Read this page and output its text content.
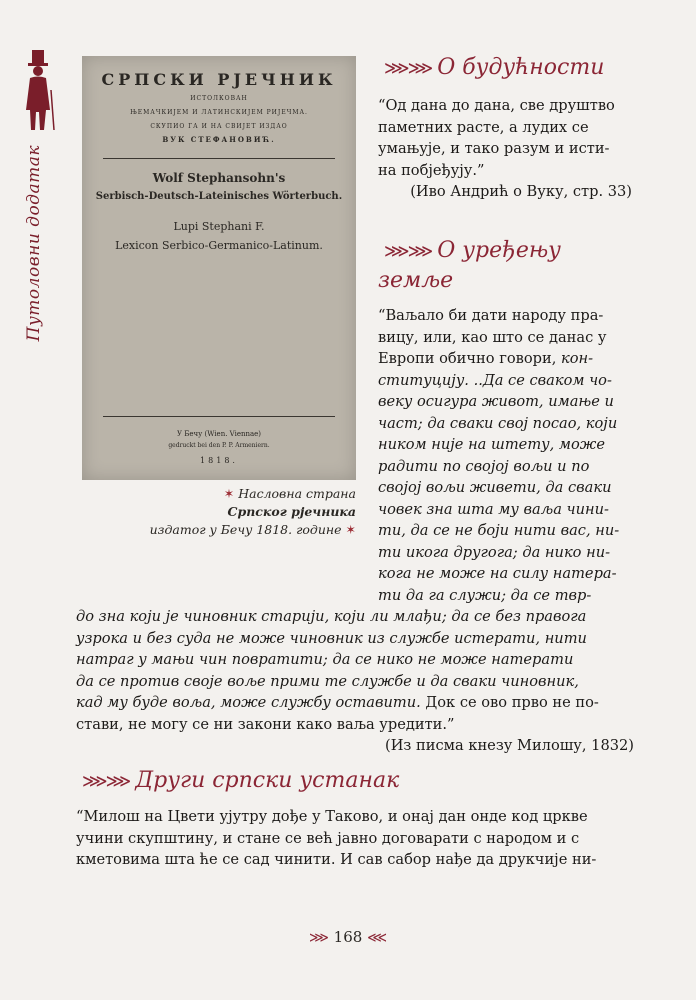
Путоловни додатак
СРПСКИ РЈЕЧНИК
ИСТОЛКОВАН
ЊЕМАЧКИЈЕМ И ЛАТИНСКИЈЕМ РИЈЕЧМА.
СКУПИО ГА И НА СВИЈЕТ ИЗДАО
ВУК СТЕФАНОВИЋ.
Wolf Stephansohn's
Serbisch-Deutsch-Lateinisches Wörterbuch.
Lupi Stephani F.
Lexicon Serbico-Germanico-Latinum.
У Бечу (Wien. Viennae)
gedruckt bei den P. P. Armeniern.
1818.
✶ Насловна страна
Српског рјечника
издатог у Бечу 1818. године ✶
⋙⋙ О будућности
“Од дана до дана, све друштво
паметних расте, а лудих се
умањује, и тако разум и исти-
на побјеђују.”
(Иво Андрић о Вуку, стр. 33)
⋙⋙ О уређењу
земље
“Ваљало би дати народу пра-
вицу, или, као што се данас у
Европи обично говори, кон-
ституцију. ..Да се сваком чо-
веку осигура живот, имање и
част; да сваки свој посао, који
ником није на штету, може
радити по својој вољи и по
својој вољи живети, да сваки
човек зна шта му ваља чини-
ти, да се не боји нити вас, ни-
ти икога другога; да нико ни-
кога не може на силу натера-
ти да га служи; да се твр-
до зна који је чиновник старији, који ли млађи; да се без правога
узрока и без суда не може чиновник из службе истерати, нити
натраг у мањи чин повратити; да се нико не може натерати
да се против своје воље прими те службе и да сваки чиновник,
кад му буде воља, може службу оставити. Док се ово прво не по-
стави, не могу се ни закони како ваља уредити.”
(Из писма кнезу Милошу, 1832)
⋙⋙ Други српски устанак
“Милош на Цвети ујутру дође у Таково, и онај дан онде код цркве
учини скупштину, и стане се већ јавно договарати с народом и с
кметовима шта ће се сад чинити. И сав сабор нађе да друкчије ни-
⋙ 168 ⋘
